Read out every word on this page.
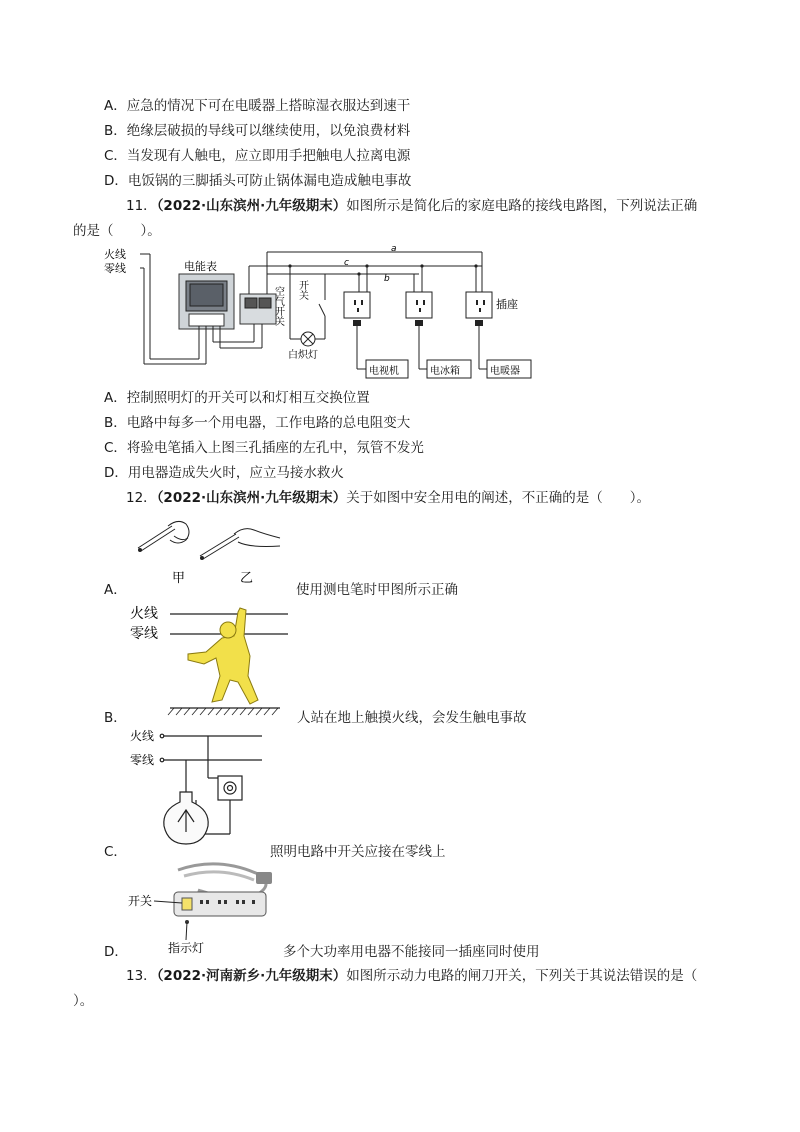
A．应急的情况下可在电暖器上搭晾湿衣服达到速干
B．绝缘层破损的导线可以继续使用，以免浪费材料
C．当发现有人触电，应立即用手把触电人拉离电源
D．电饭锅的三脚插头可防止锅体漏电造成触电事故
11．（2022·山东滨州·九年级期末）如图所示是简化后的家庭电路的接线电路图，下列说法正确
的是（　　）。
火线
零线	电能表
空气开关 开关
白炽灯
插座
电视机	电冰箱	电暖器
a
b
c
A．控制照明灯的开关可以和灯相互交换位置
B．电路中每多一个用电器，工作电路的总电阻变大
C．将验电笔插入上图三孔插座的左孔中，氖管不发光
D．用电器造成失火时，应立马接水救火
12．（2022·山东滨州·九年级期末）关于如图中安全用电的阐述，不正确的是（　　）。
甲	乙
A．	使用测电笔时甲图所示正确
火线
零线
B．	人站在地上触摸火线，会发生触电事故
火线
零线
C．	照明电路中开关应接在零线上
开关
指示灯
D．	多个大功率用电器不能接同一插座同时使用
13．（2022·河南新乡·九年级期末）如图所示动力电路的闸刀开关，下列关于其说法错误的是（
）。
